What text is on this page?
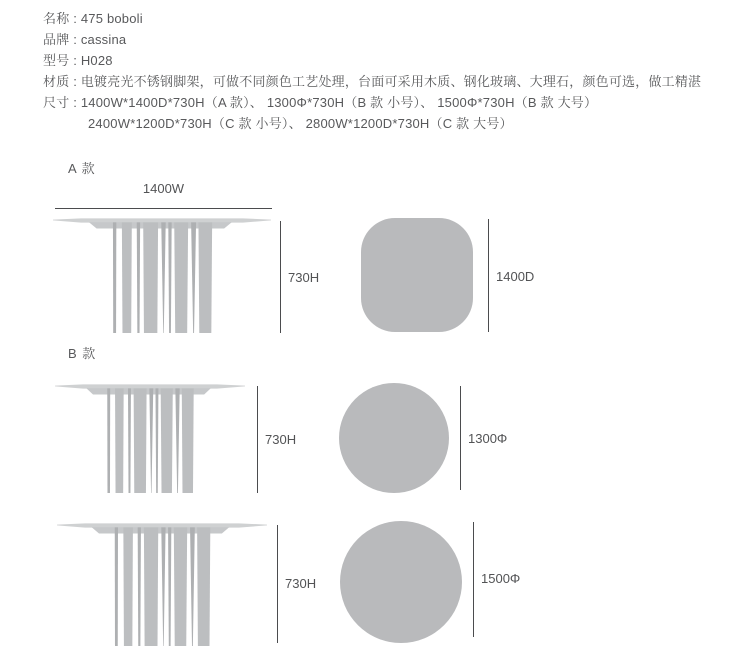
名称 : 475 boboli
品牌 : cassina
型号 : H028
材质 : 电镀亮光不锈钢脚架，可做不同颜色工艺处理，台面可采用木质、钢化玻璃、大理石，颜色可选，做工精湛
尺寸 : 1400W*1400D*730H（A 款）、 1300Φ*730H（B 款 小号）、 1500Φ*730H（B 款 大号）
2400W*1200D*730H（C 款 小号）、 2800W*1200D*730H（C 款 大号）
A 款
1400W
730H	1400D
B 款
730H	1300Φ
730H	1500Φ
